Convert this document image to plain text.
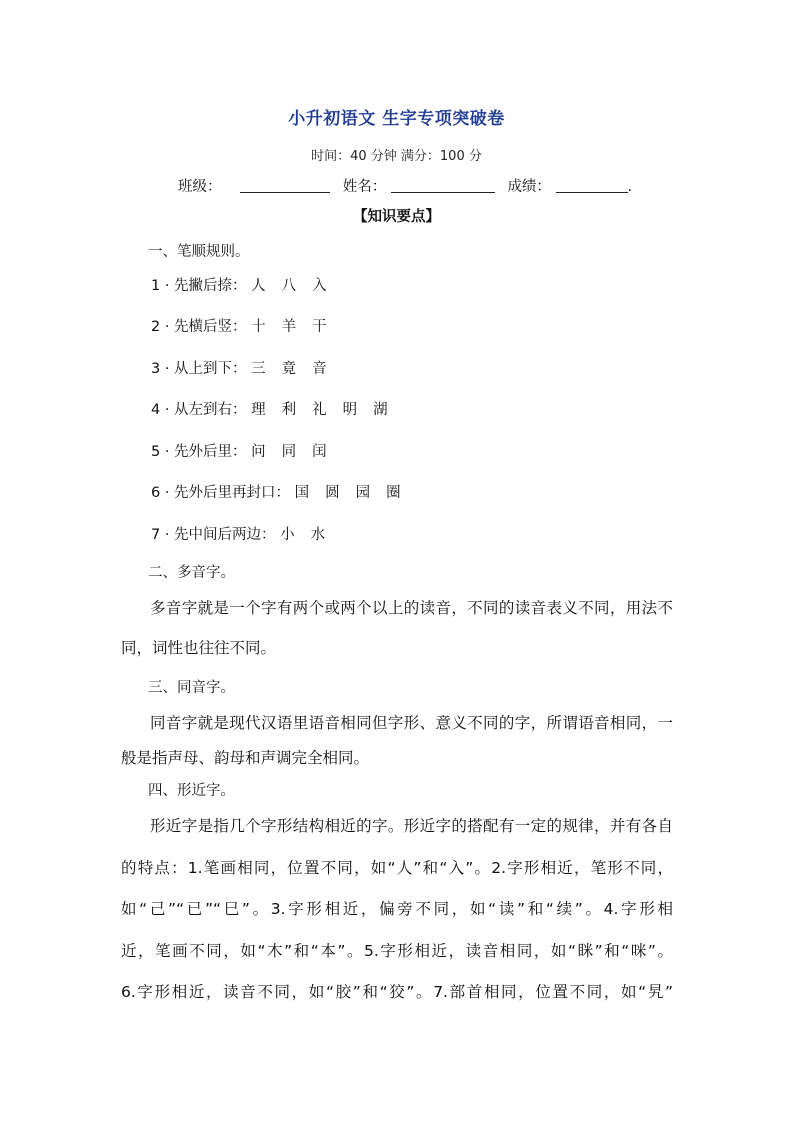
小升初语文 生字专项突破卷
时间：40 分钟 满分：100 分
班级：	姓名：	成绩：	.
【知识要点】
一、笔顺规则。
1 · 先撇后捺： 人 八 入
2 · 先横后竖： 十 羊 干
3 · 从上到下： 三 竟 音
4 · 从左到右： 理 利 礼 明 湖
5 · 先外后里： 问 同 闰
6 · 先外后里再封口： 国 圆 园 圈
7 · 先中间后两边： 小 水
二、多音字。
多音字就是一个字有两个或两个以上的读音，不同的读音表义不同，用法不
同，词性也往往不同。
三、同音字。
同音字就是现代汉语里语音相同但字形、意义不同的字，所谓语音相同，一
般是指声母、韵母和声调完全相同。
四、形近字。
形近字是指几个字形结构相近的字。形近字的搭配有一定的规律，并有各自
的特点：1.笔画相同，位置不同，如“人”和“入”。2.字形相近，笔形不同，
如“己”“已”“巳”。3.字形相近，偏旁不同，如“读”和“续”。4.字形相
近，笔画不同，如“木”和“本”。5.字形相近，读音相同，如“眯”和“咪”。
6.字形相近，读音不同，如“胶”和“狡”。7.部首相同，位置不同，如“旯”
